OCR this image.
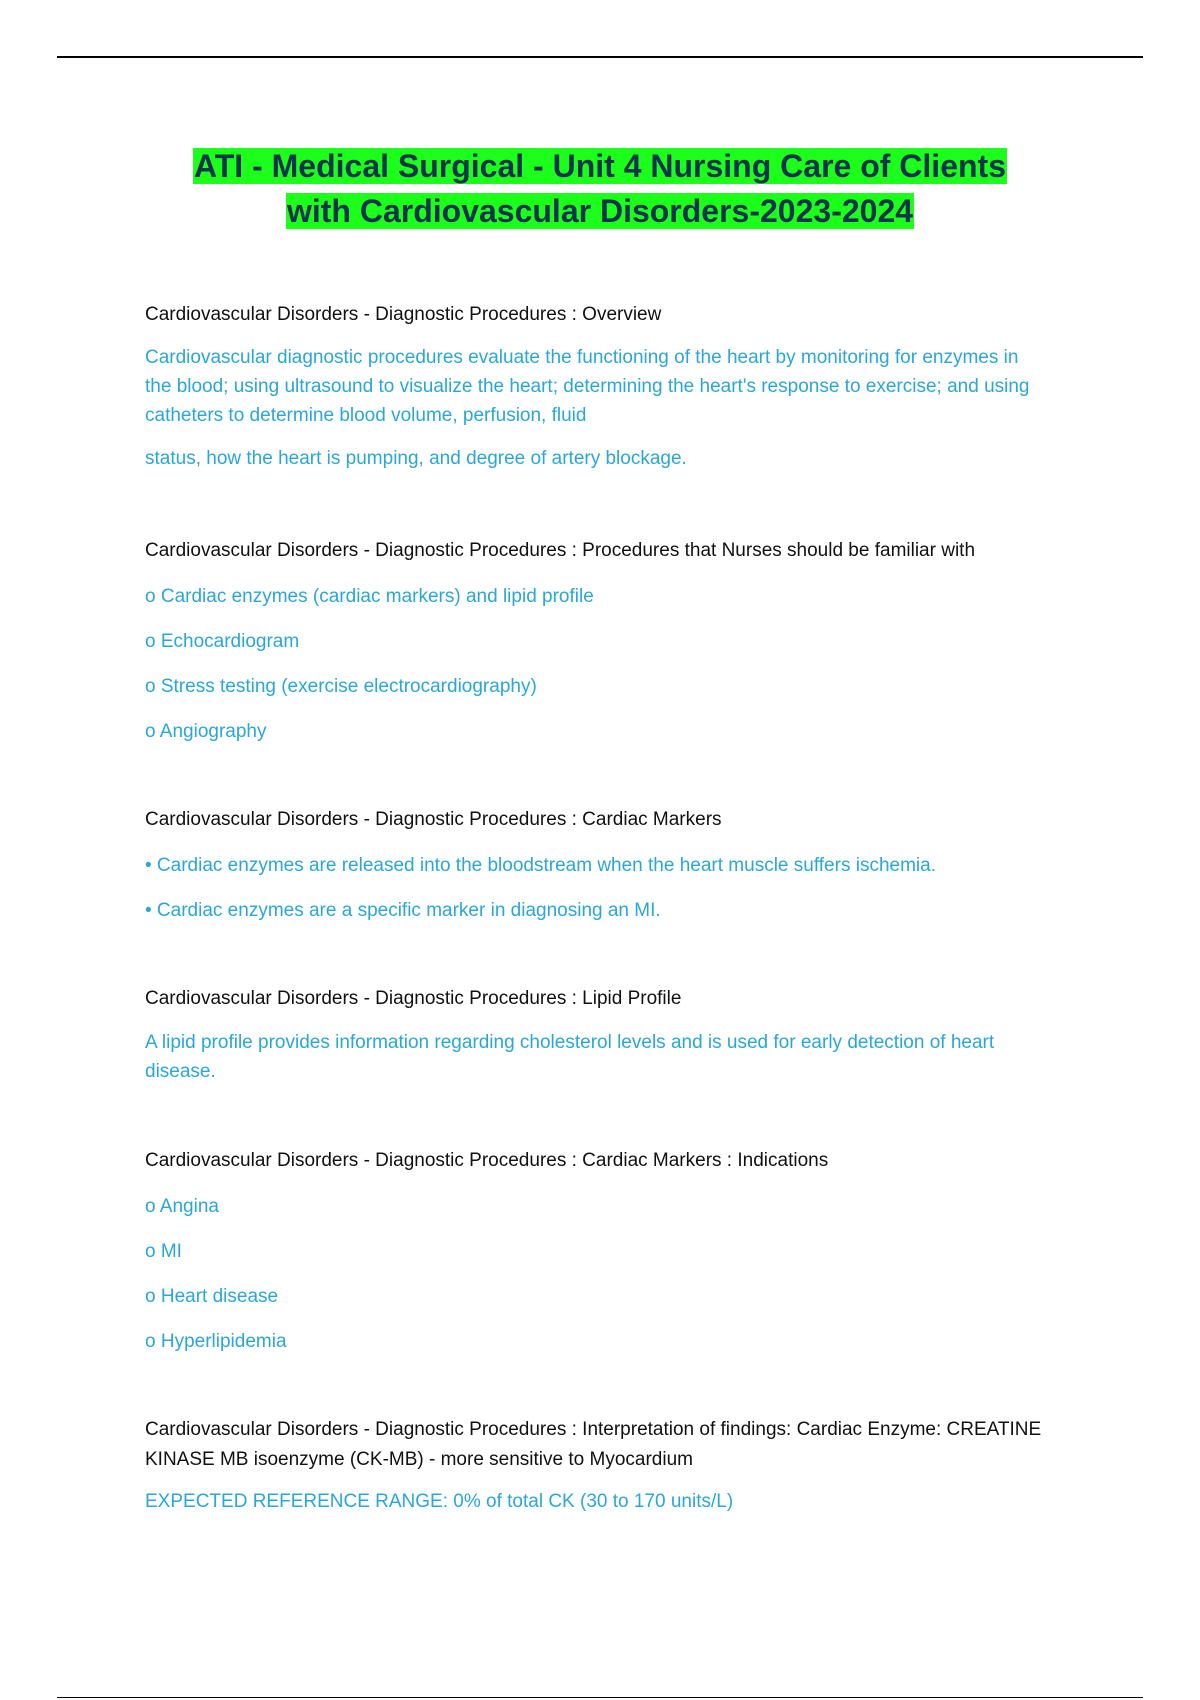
ATI - Medical Surgical - Unit 4 Nursing Care of Clients
with Cardiovascular Disorders-2023-2024

Cardiovascular Disorders - Diagnostic Procedures : Overview

Cardiovascular diagnostic procedures evaluate the functioning of the heart by monitoring for enzymes in the blood; using ultrasound to visualize the heart; determining the heart's response to exercise; and using catheters to determine blood volume, perfusion, fluid

status, how the heart is pumping, and degree of artery blockage.

Cardiovascular Disorders - Diagnostic Procedures : Procedures that Nurses should be familiar with

o Cardiac enzymes (cardiac markers) and lipid profile

o Echocardiogram

o Stress testing (exercise electrocardiography)

o Angiography

Cardiovascular Disorders - Diagnostic Procedures : Cardiac Markers

• Cardiac enzymes are released into the bloodstream when the heart muscle suffers ischemia.

• Cardiac enzymes are a specific marker in diagnosing an MI.

Cardiovascular Disorders - Diagnostic Procedures : Lipid Profile

A lipid profile provides information regarding cholesterol levels and is used for early detection of heart disease.

Cardiovascular Disorders - Diagnostic Procedures : Cardiac Markers : Indications

o Angina

o MI

o Heart disease

o Hyperlipidemia

Cardiovascular Disorders - Diagnostic Procedures : Interpretation of findings: Cardiac Enzyme: CREATINE KINASE MB isoenzyme (CK-MB) - more sensitive to Myocardium

EXPECTED REFERENCE RANGE: 0% of total CK (30 to 170 units/L)
